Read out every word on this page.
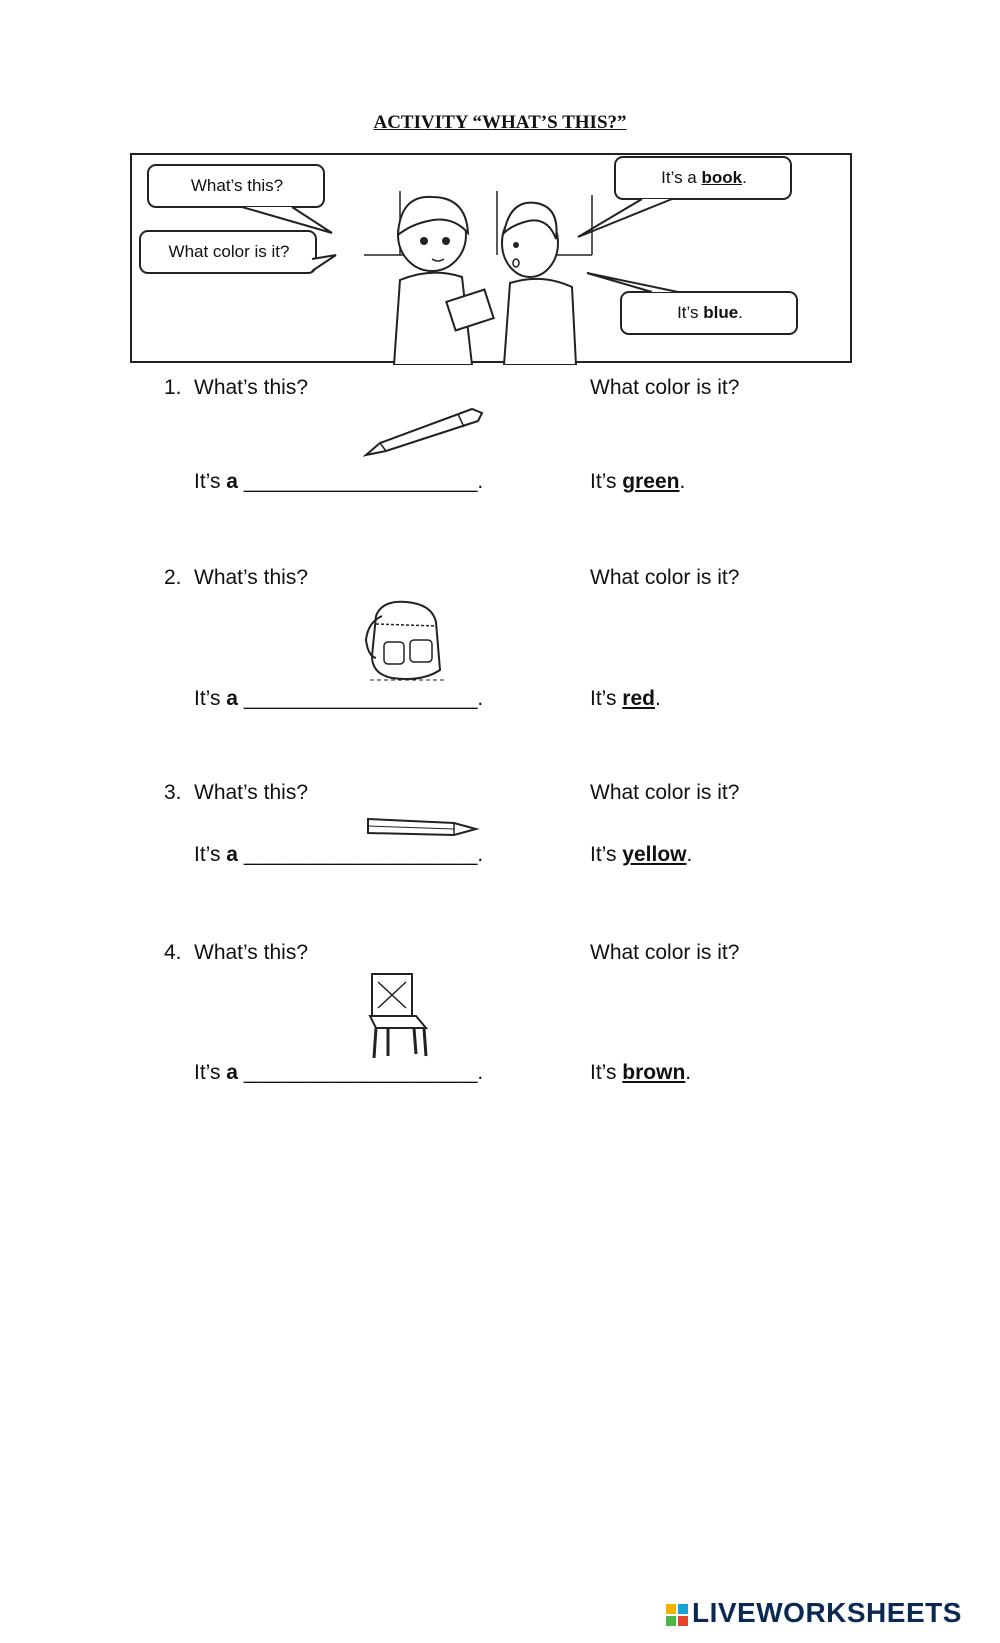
ACTIVITY “WHAT’S THIS?”
What’s this?
What color is it?
It’s a book.
It’s blue.
1. What’s this?	What color is it?
It’s a ____________________.	It’s green.
2. What’s this?	What color is it?
It’s a ____________________.	It’s red.
3. What’s this?	What color is it?
It’s a ____________________.	It’s yellow.
4. What’s this?	What color is it?
It’s a ____________________.	It’s brown.
LIVEWORKSHEETS
